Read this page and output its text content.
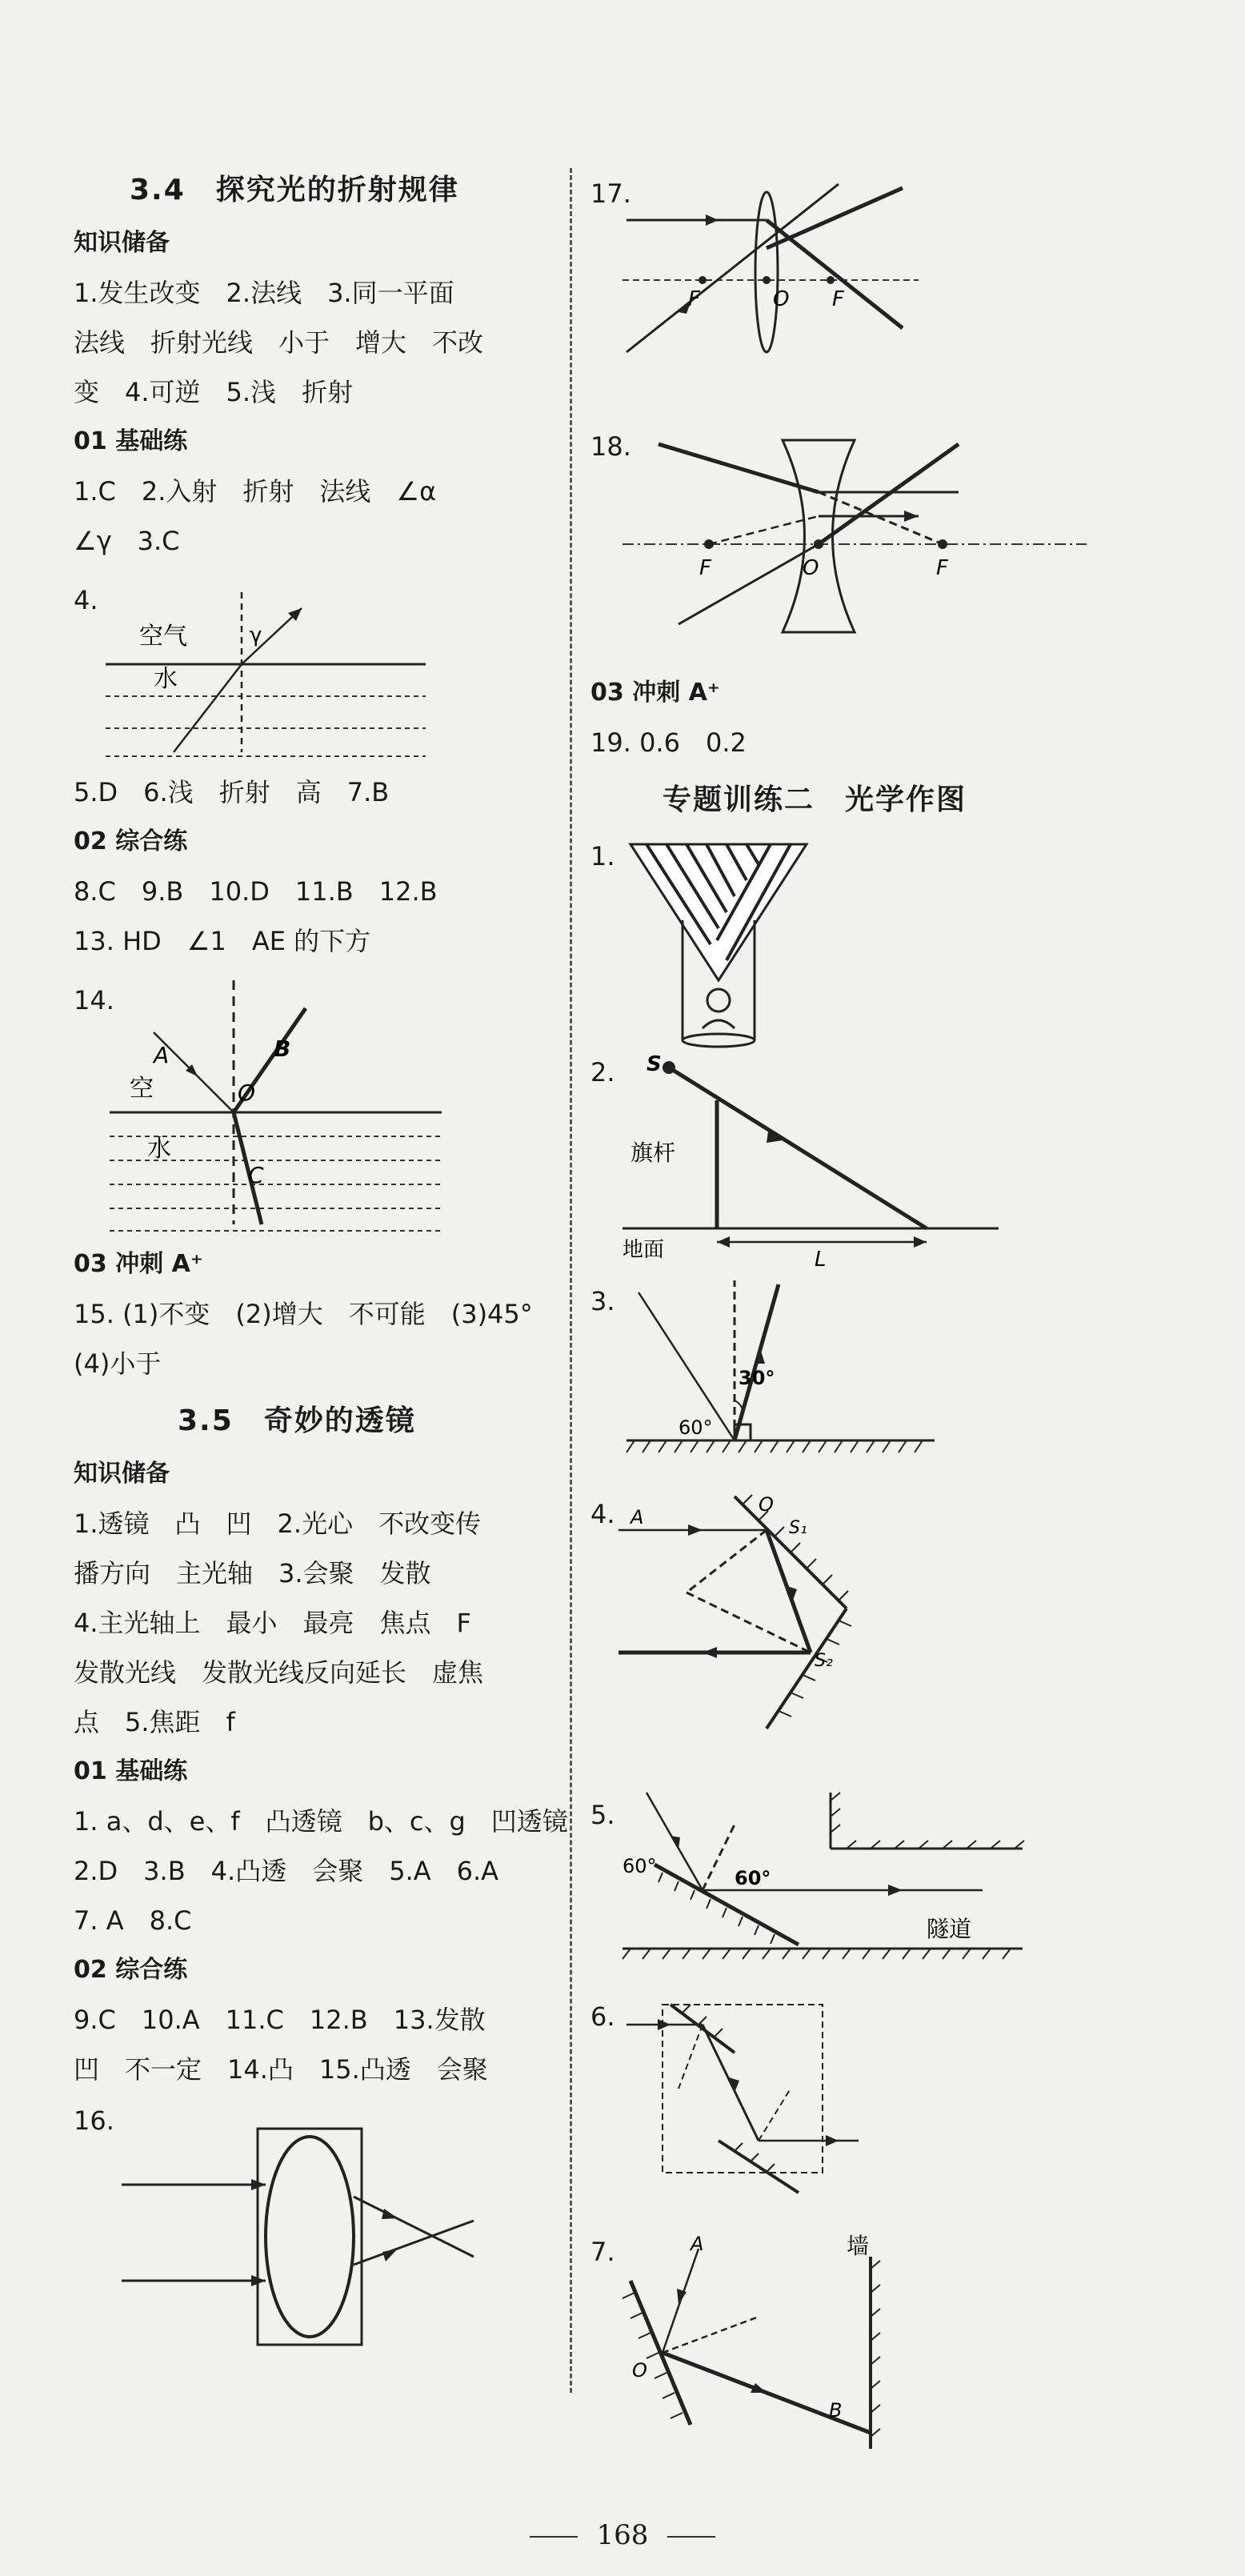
3.4　探究光的折射规律
知识储备
1.发生改变　2.法线　3.同一平面
法线　折射光线　小于　增大　不改
变　4.可逆　5.浅　折射
01 基础练
1.C　2.入射　折射　法线　∠α
∠γ　3.C
4.
空气
水
γ
5.D　6.浅　折射　高　7.B
02 综合练
8.C　9.B　10.D　11.B　12.B
13. HD　∠1　AE 的下方
14.
A	B
O
C
空
水
03 冲刺 A⁺
15. (1)不变　(2)增大　不可能　(3)45°
(4)小于
3.5　奇妙的透镜
知识储备
1.透镜　凸　凹　2.光心　不改变传
播方向　主光轴　3.会聚　发散
4.主光轴上　最小　最亮　焦点　F
发散光线　发散光线反向延长　虚焦
点　5.焦距　f
01 基础练
1. a、d、e、f　凸透镜　b、c、g　凹透镜
2.D　3.B　4.凸透　会聚　5.A　6.A
7. A　8.C
02 综合练
9.C　10.A　11.C　12.B　13.发散
凹　不一定　14.凸　15.凸透　会聚
16.
17.
F	O F
18.
F	O	F
03 冲刺 A⁺
19. 0.6　0.2
专题训练二　光学作图
1.
2. S
旗杆
地面	L
3.
30°
60°
4. A
O
S₁
S₂
5.
60°
60°
隧道
6.
7.	A	墙
O
B
168
